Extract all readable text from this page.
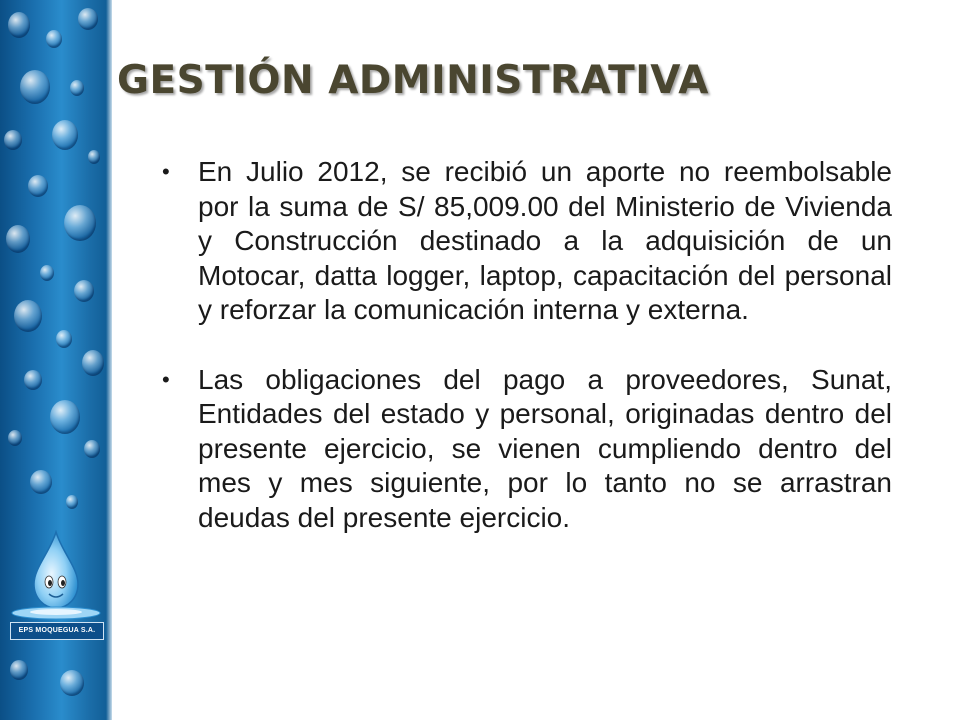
EPS MOQUEGUA S.A.
GESTIÓN ADMINISTRATIVA
• En Julio 2012, se recibió un aporte no reembolsable por la suma de S/ 85,009.00 del Ministerio de Vivienda y Construcción destinado a la adquisición de un Motocar, datta logger, laptop, capacitación del personal y reforzar la comunicación interna y externa.
• Las obligaciones del pago a proveedores, Sunat, Entidades del estado y personal, originadas dentro del presente ejercicio, se vienen cumpliendo dentro del mes y mes siguiente, por lo tanto no se arrastran deudas del presente ejercicio.
